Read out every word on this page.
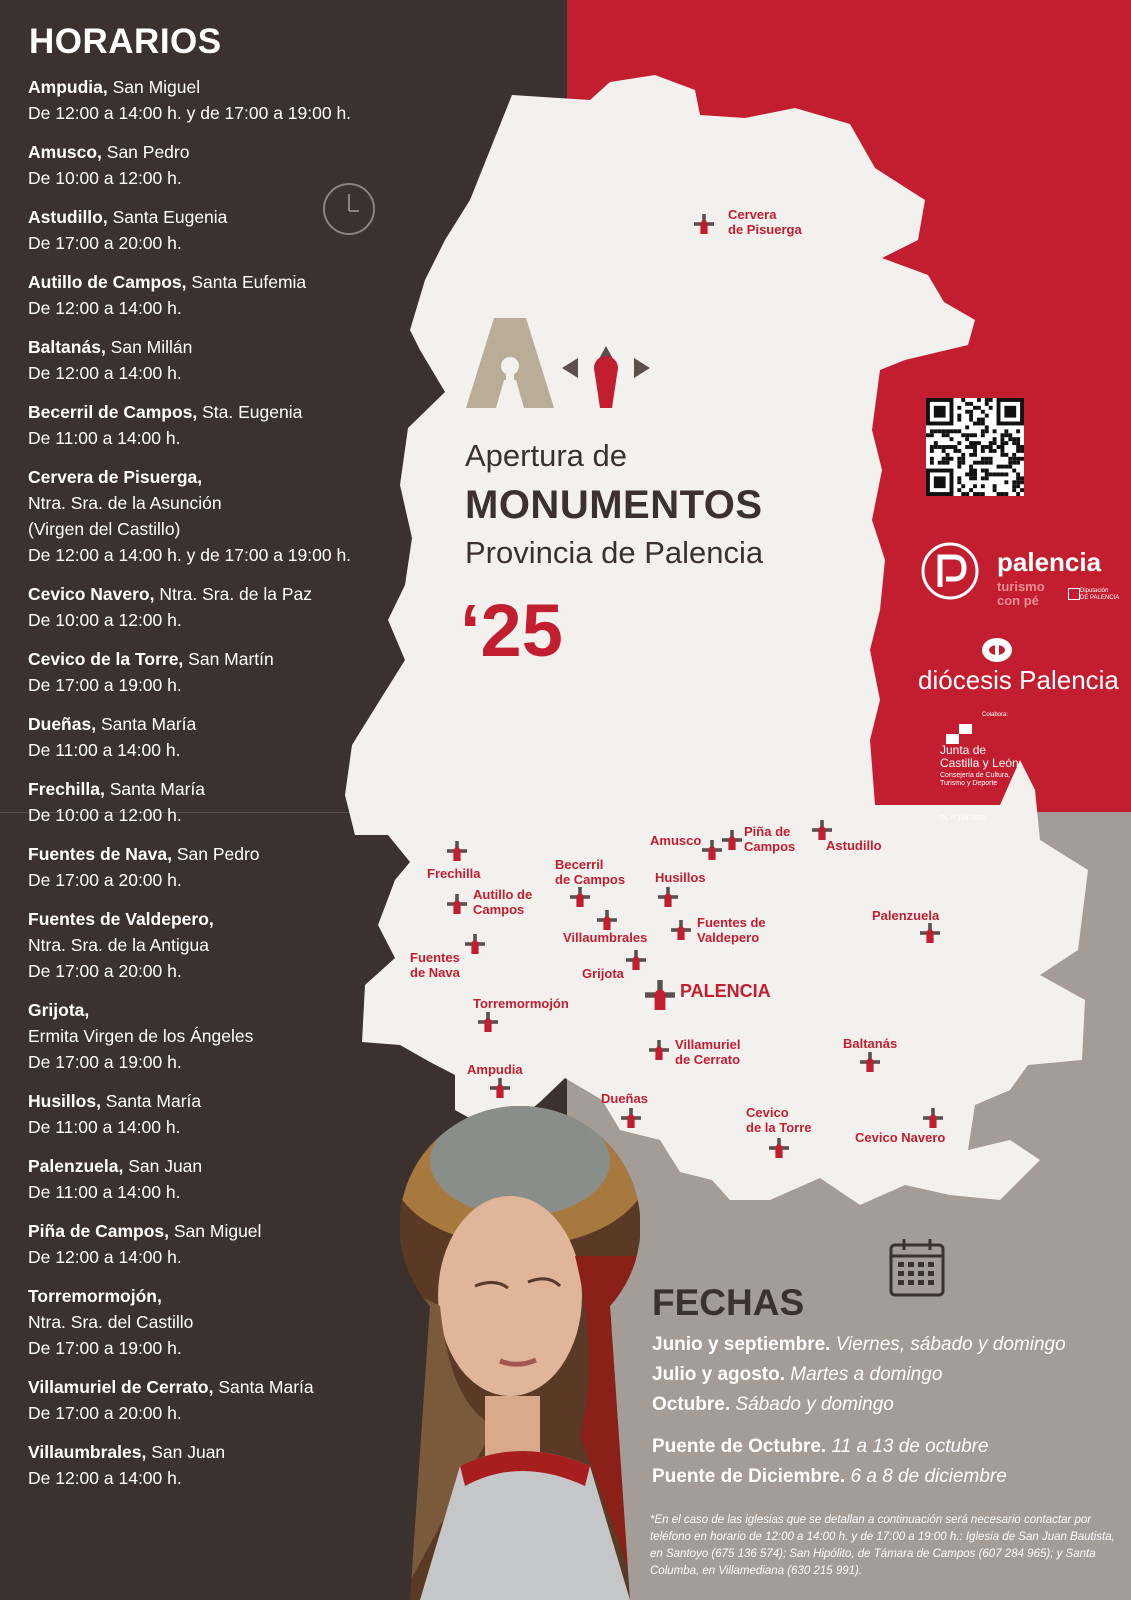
HORARIOS
Ampudia, San Miguel
De 12:00 a 14:00 h. y de 17:00 a 19:00 h.
Amusco, San Pedro
De 10:00 a 12:00 h.
Astudillo, Santa Eugenia
De 17:00 a 20:00 h.
Autillo de Campos, Santa Eufemia
De 12:00 a 14:00 h.
Baltanás, San Millán
De 12:00 a 14:00 h.
Becerril de Campos, Sta. Eugenia
De 11:00 a 14:00 h.
Cervera de Pisuerga,
Ntra. Sra. de la Asunción
(Virgen del Castillo)
De 12:00 a 14:00 h. y de 17:00 a 19:00 h.
Cevico Navero, Ntra. Sra. de la Paz
De 10:00 a 12:00 h.
Cevico de la Torre, San Martín
De 17:00 a 19:00 h.
Dueñas, Santa María
De 11:00 a 14:00 h.
Frechilla, Santa María
De 10:00 a 12:00 h.
Fuentes de Nava, San Pedro
De 17:00 a 20:00 h.
Fuentes de Valdepero,
Ntra. Sra. de la Antigua
De 17:00 a 20:00 h.
Grijota,
Ermita Virgen de los Ángeles
De 17:00 a 19:00 h.
Husillos, Santa María
De 11:00 a 14:00 h.
Palenzuela, San Juan
De 11:00 a 14:00 h.
Piña de Campos, San Miguel
De 12:00 a 14:00 h.
Torremormojón,
Ntra. Sra. del Castillo
De 17:00 a 19:00 h.
Villamuriel de Cerrato, Santa María
De 17:00 a 20:00 h.
Villaumbrales, San Juan
De 12:00 a 14:00 h.
Apertura de
MONUMENTOS
Provincia de Palencia
‘25
palencia
turismo
con pé
Diputación
DE PALENCIA
diócesis Palencia
Colabora:
Junta de
Castilla y León
Consejería de Cultura,
Turismo y Deporte
DL P 114-2025
Cervera
de Pisuerga
Amusco
Piña de
Campos Astudillo
Frechilla
Becerril
de Campos Husillos
Autillo de
Campos	Palenzuela
Fuentes de
Valdepero
Villaumbrales
Fuentes
de Nava	Grijota
PALENCIA
Torremormojón
Villamuriel
de Cerrato
Baltanás
Ampudia
Dueñas
Cevico
de la Torre
Cevico Navero
FECHAS
Junio y septiembre. Viernes, sábado y domingo
Julio y agosto. Martes a domingo
Octubre. Sábado y domingo
Puente de Octubre. 11 a 13 de octubre
Puente de Diciembre. 6 a 8 de diciembre
*En el caso de las iglesias que se detallan a continuación será necesario contactar por teléfono en horario de 12:00 a 14:00 h. y de 17:00 a 19:00 h.: Iglesia de San Juan Bautista, en Santoyo (675 136 574); San Hipólito, de Támara de Campos (607 284 965); y Santa Columba, en Villamediana (630 215 991).
